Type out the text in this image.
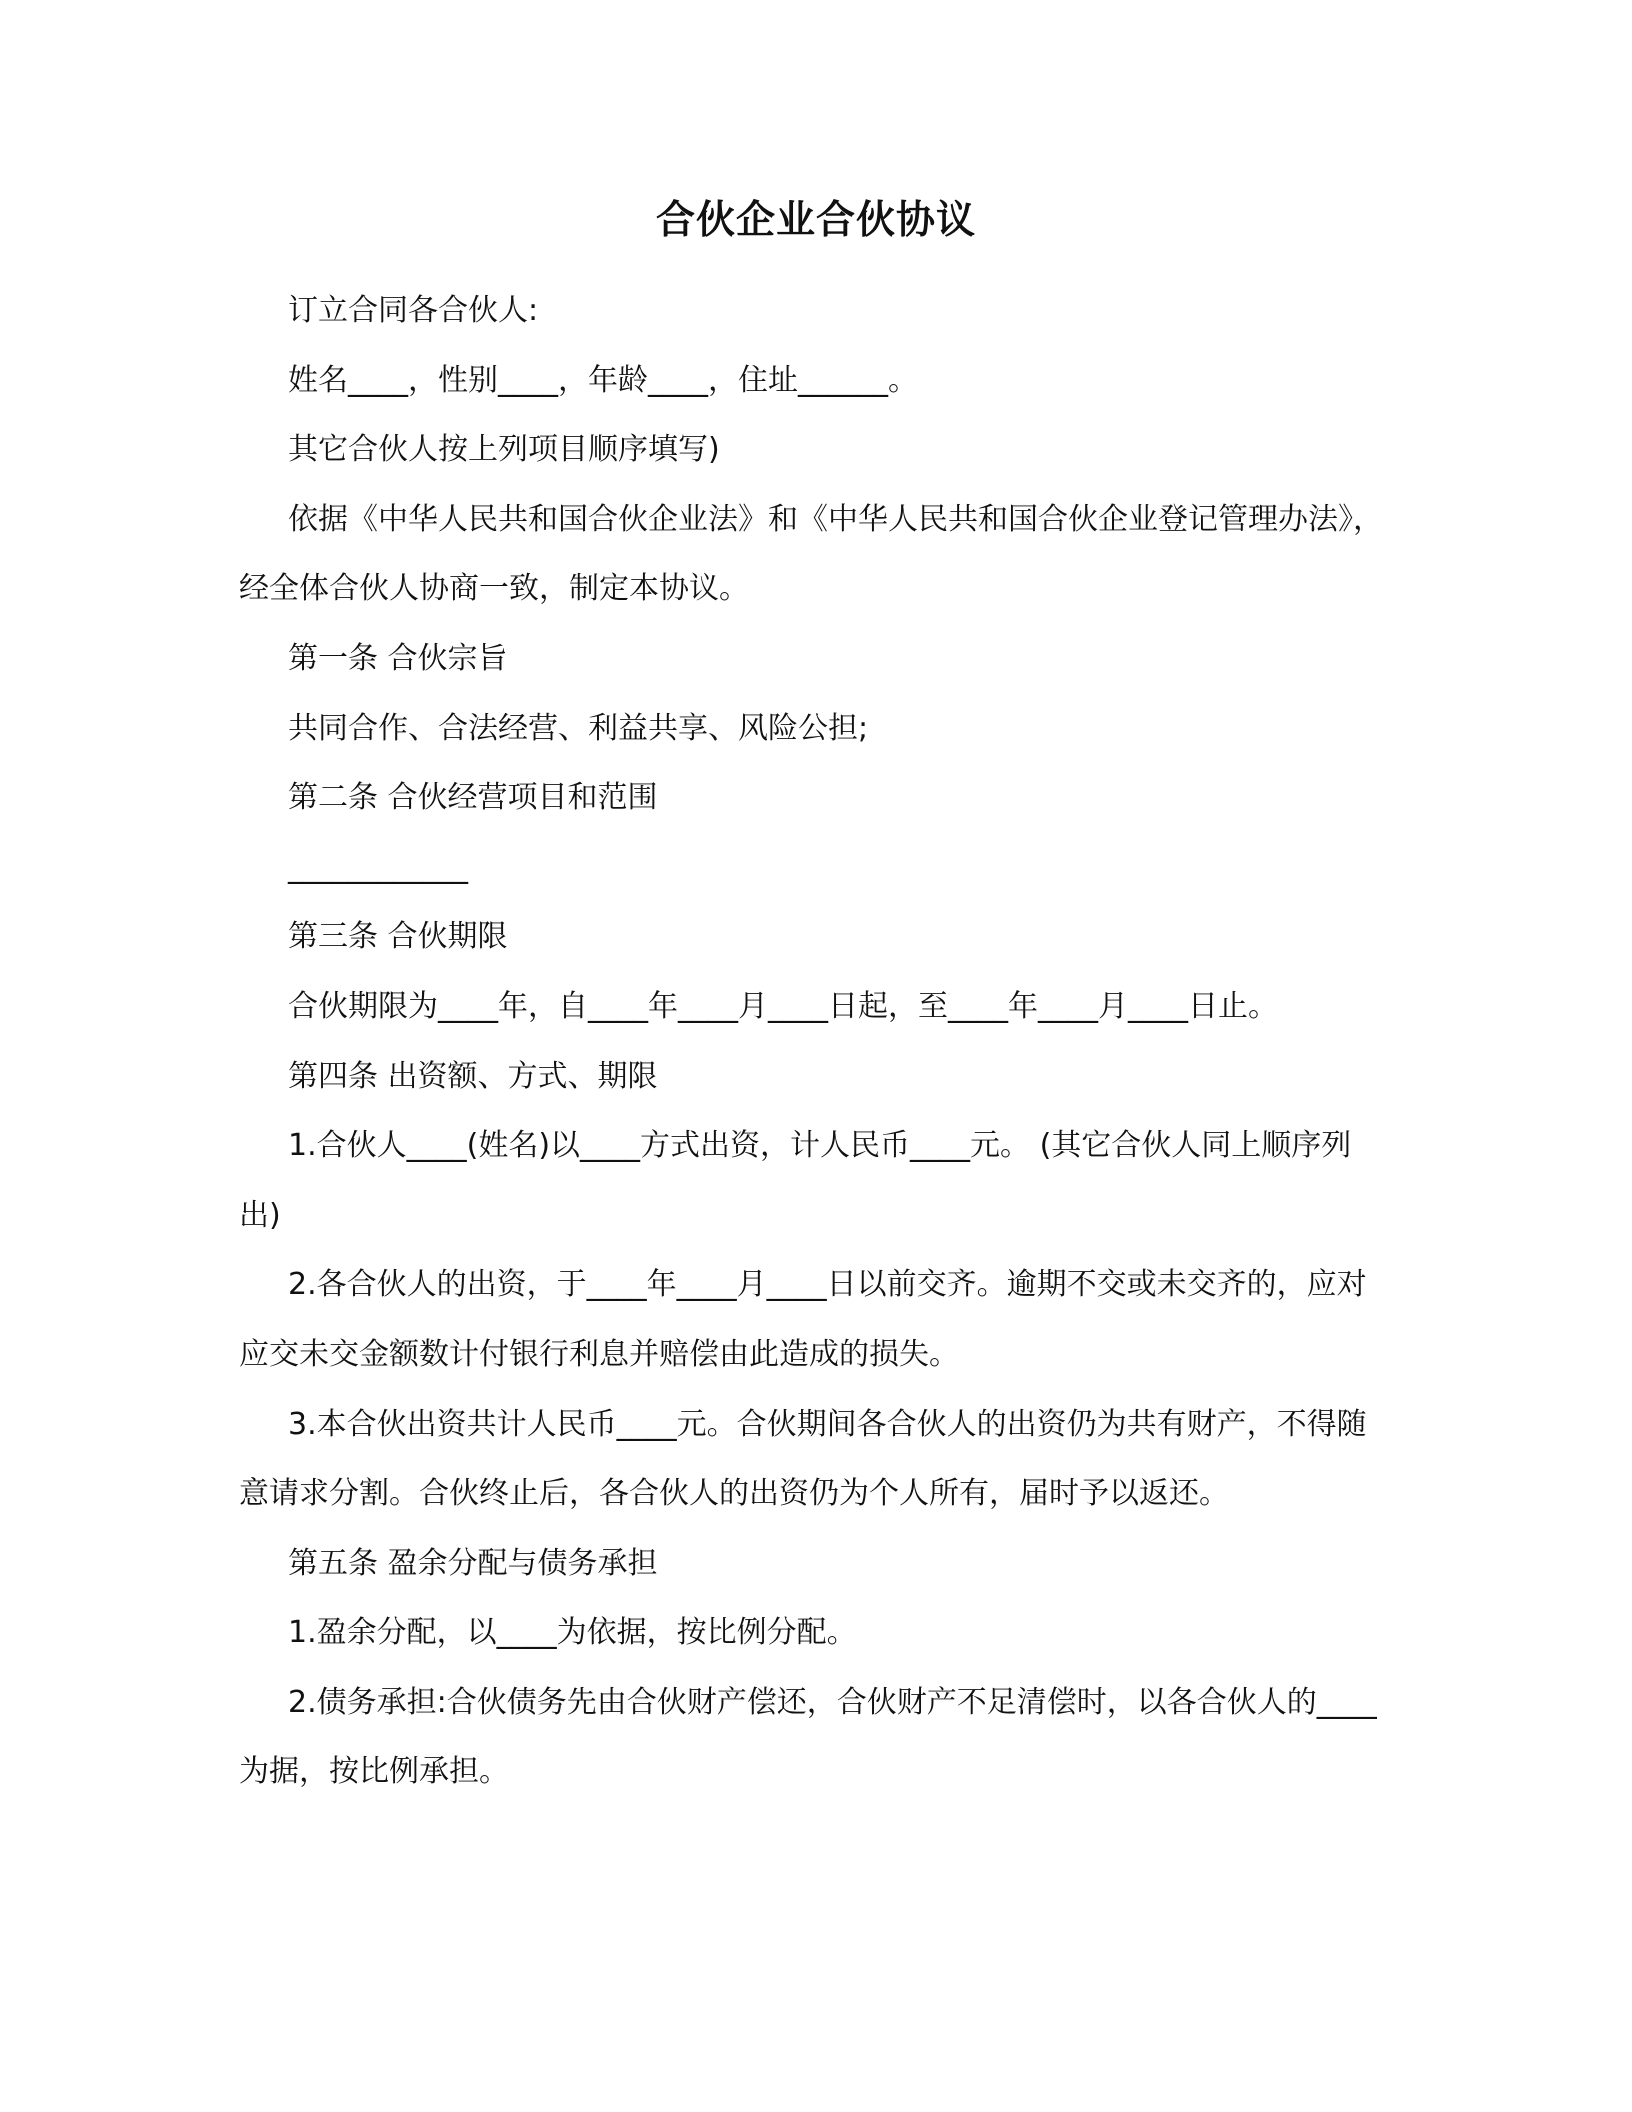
合伙企业合伙协议

订立合同各合伙人:

姓名____，性别____，年龄____，住址______。

其它合伙人按上列项目顺序填写)

依据《中华人民共和国合伙企业法》和《中华人民共和国合伙企业登记管理办法》，经全体合伙人协商一致，制定本协议。

第一条 合伙宗旨

共同合作、合法经营、利益共享、风险公担;

第二条 合伙经营项目和范围

____________

第三条 合伙期限

合伙期限为____年，自____年____月____日起，至____年____月____日止。

第四条 出资额、方式、期限

1.合伙人____(姓名)以____方式出资，计人民币____元。 (其它合伙人同上顺序列出)

2.各合伙人的出资，于____年____月____日以前交齐。逾期不交或未交齐的，应对应交未交金额数计付银行利息并赔偿由此造成的损失。

3.本合伙出资共计人民币____元。合伙期间各合伙人的出资仍为共有财产，不得随意请求分割。合伙终止后，各合伙人的出资仍为个人所有，届时予以返还。

第五条 盈余分配与债务承担

1.盈余分配，以____为依据，按比例分配。

2.债务承担:合伙债务先由合伙财产偿还，合伙财产不足清偿时，以各合伙人的____为据，按比例承担。
